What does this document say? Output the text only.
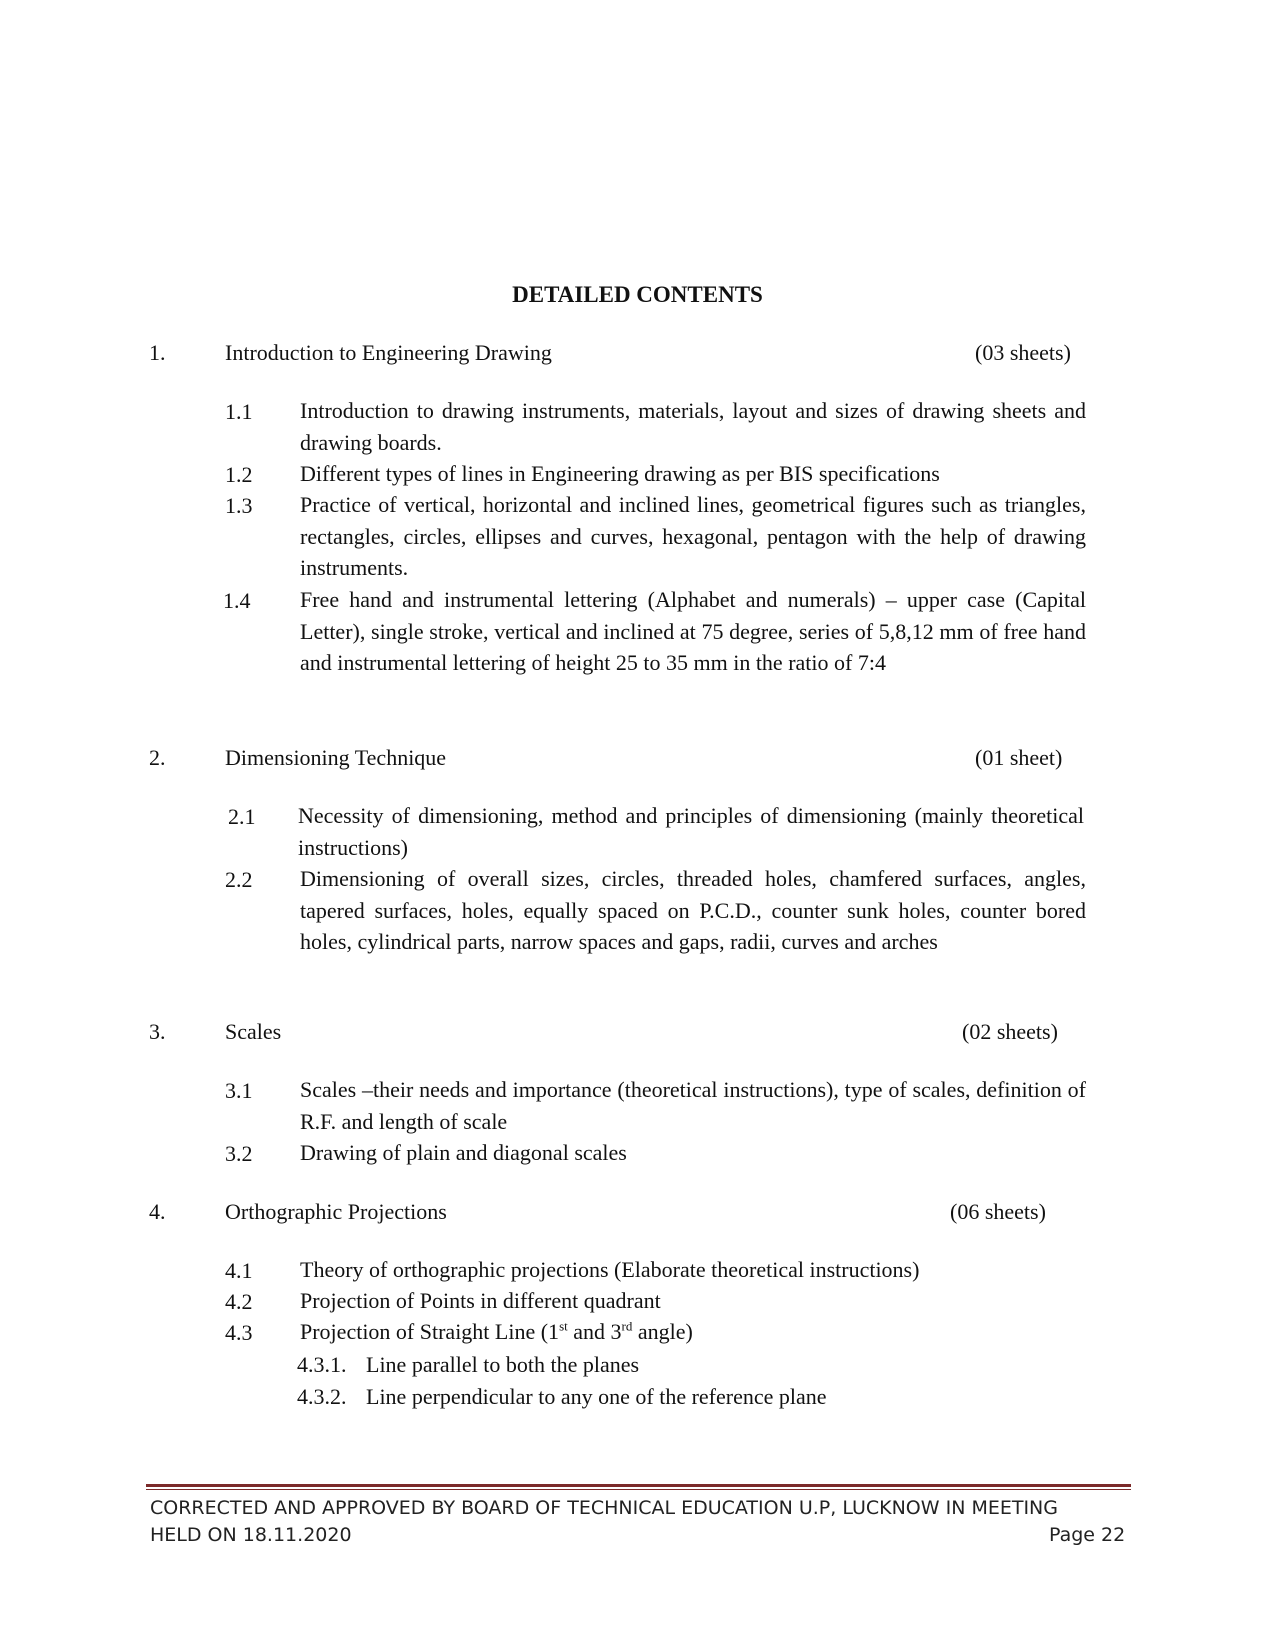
DETAILED CONTENTS
1.	Introduction to Engineering Drawing	(03 sheets)
1.1 Introduction to drawing instruments, materials, layout and sizes of drawing sheets and drawing boards.
1.2 Different types of lines in Engineering drawing as per BIS specifications
1.3 Practice of vertical, horizontal and inclined lines, geometrical figures such as triangles, rectangles, circles, ellipses and curves, hexagonal, pentagon with the help of drawing instruments.
1.4 Free hand and instrumental lettering (Alphabet and numerals) – upper case (Capital Letter), single stroke, vertical and inclined at 75 degree, series of 5,8,12 mm of free hand and instrumental lettering of height 25 to 35 mm in the ratio of 7:4
2.	Dimensioning Technique	(01 sheet)
2.1 Necessity of dimensioning, method and principles of dimensioning (mainly theoretical instructions)
2.2 Dimensioning of overall sizes, circles, threaded holes, chamfered surfaces, angles, tapered surfaces, holes, equally spaced on P.C.D., counter sunk holes, counter bored holes, cylindrical parts, narrow spaces and gaps, radii, curves and arches
3.	Scales	(02 sheets)
3.1 Scales –their needs and importance (theoretical instructions), type of scales, definition of R.F. and length of scale
3.2 Drawing of plain and diagonal scales
4.	Orthographic Projections	(06 sheets)
4.1 Theory of orthographic projections (Elaborate theoretical instructions)
4.2 Projection of Points in different quadrant
4.3 Projection of Straight Line (1st and 3rd angle)
4.3.1. Line parallel to both the planes
4.3.2. Line perpendicular to any one of the reference plane
CORRECTED AND APPROVED BY BOARD OF TECHNICAL EDUCATION U.P, LUCKNOW IN MEETING
HELD ON 18.11.2020	Page 22
